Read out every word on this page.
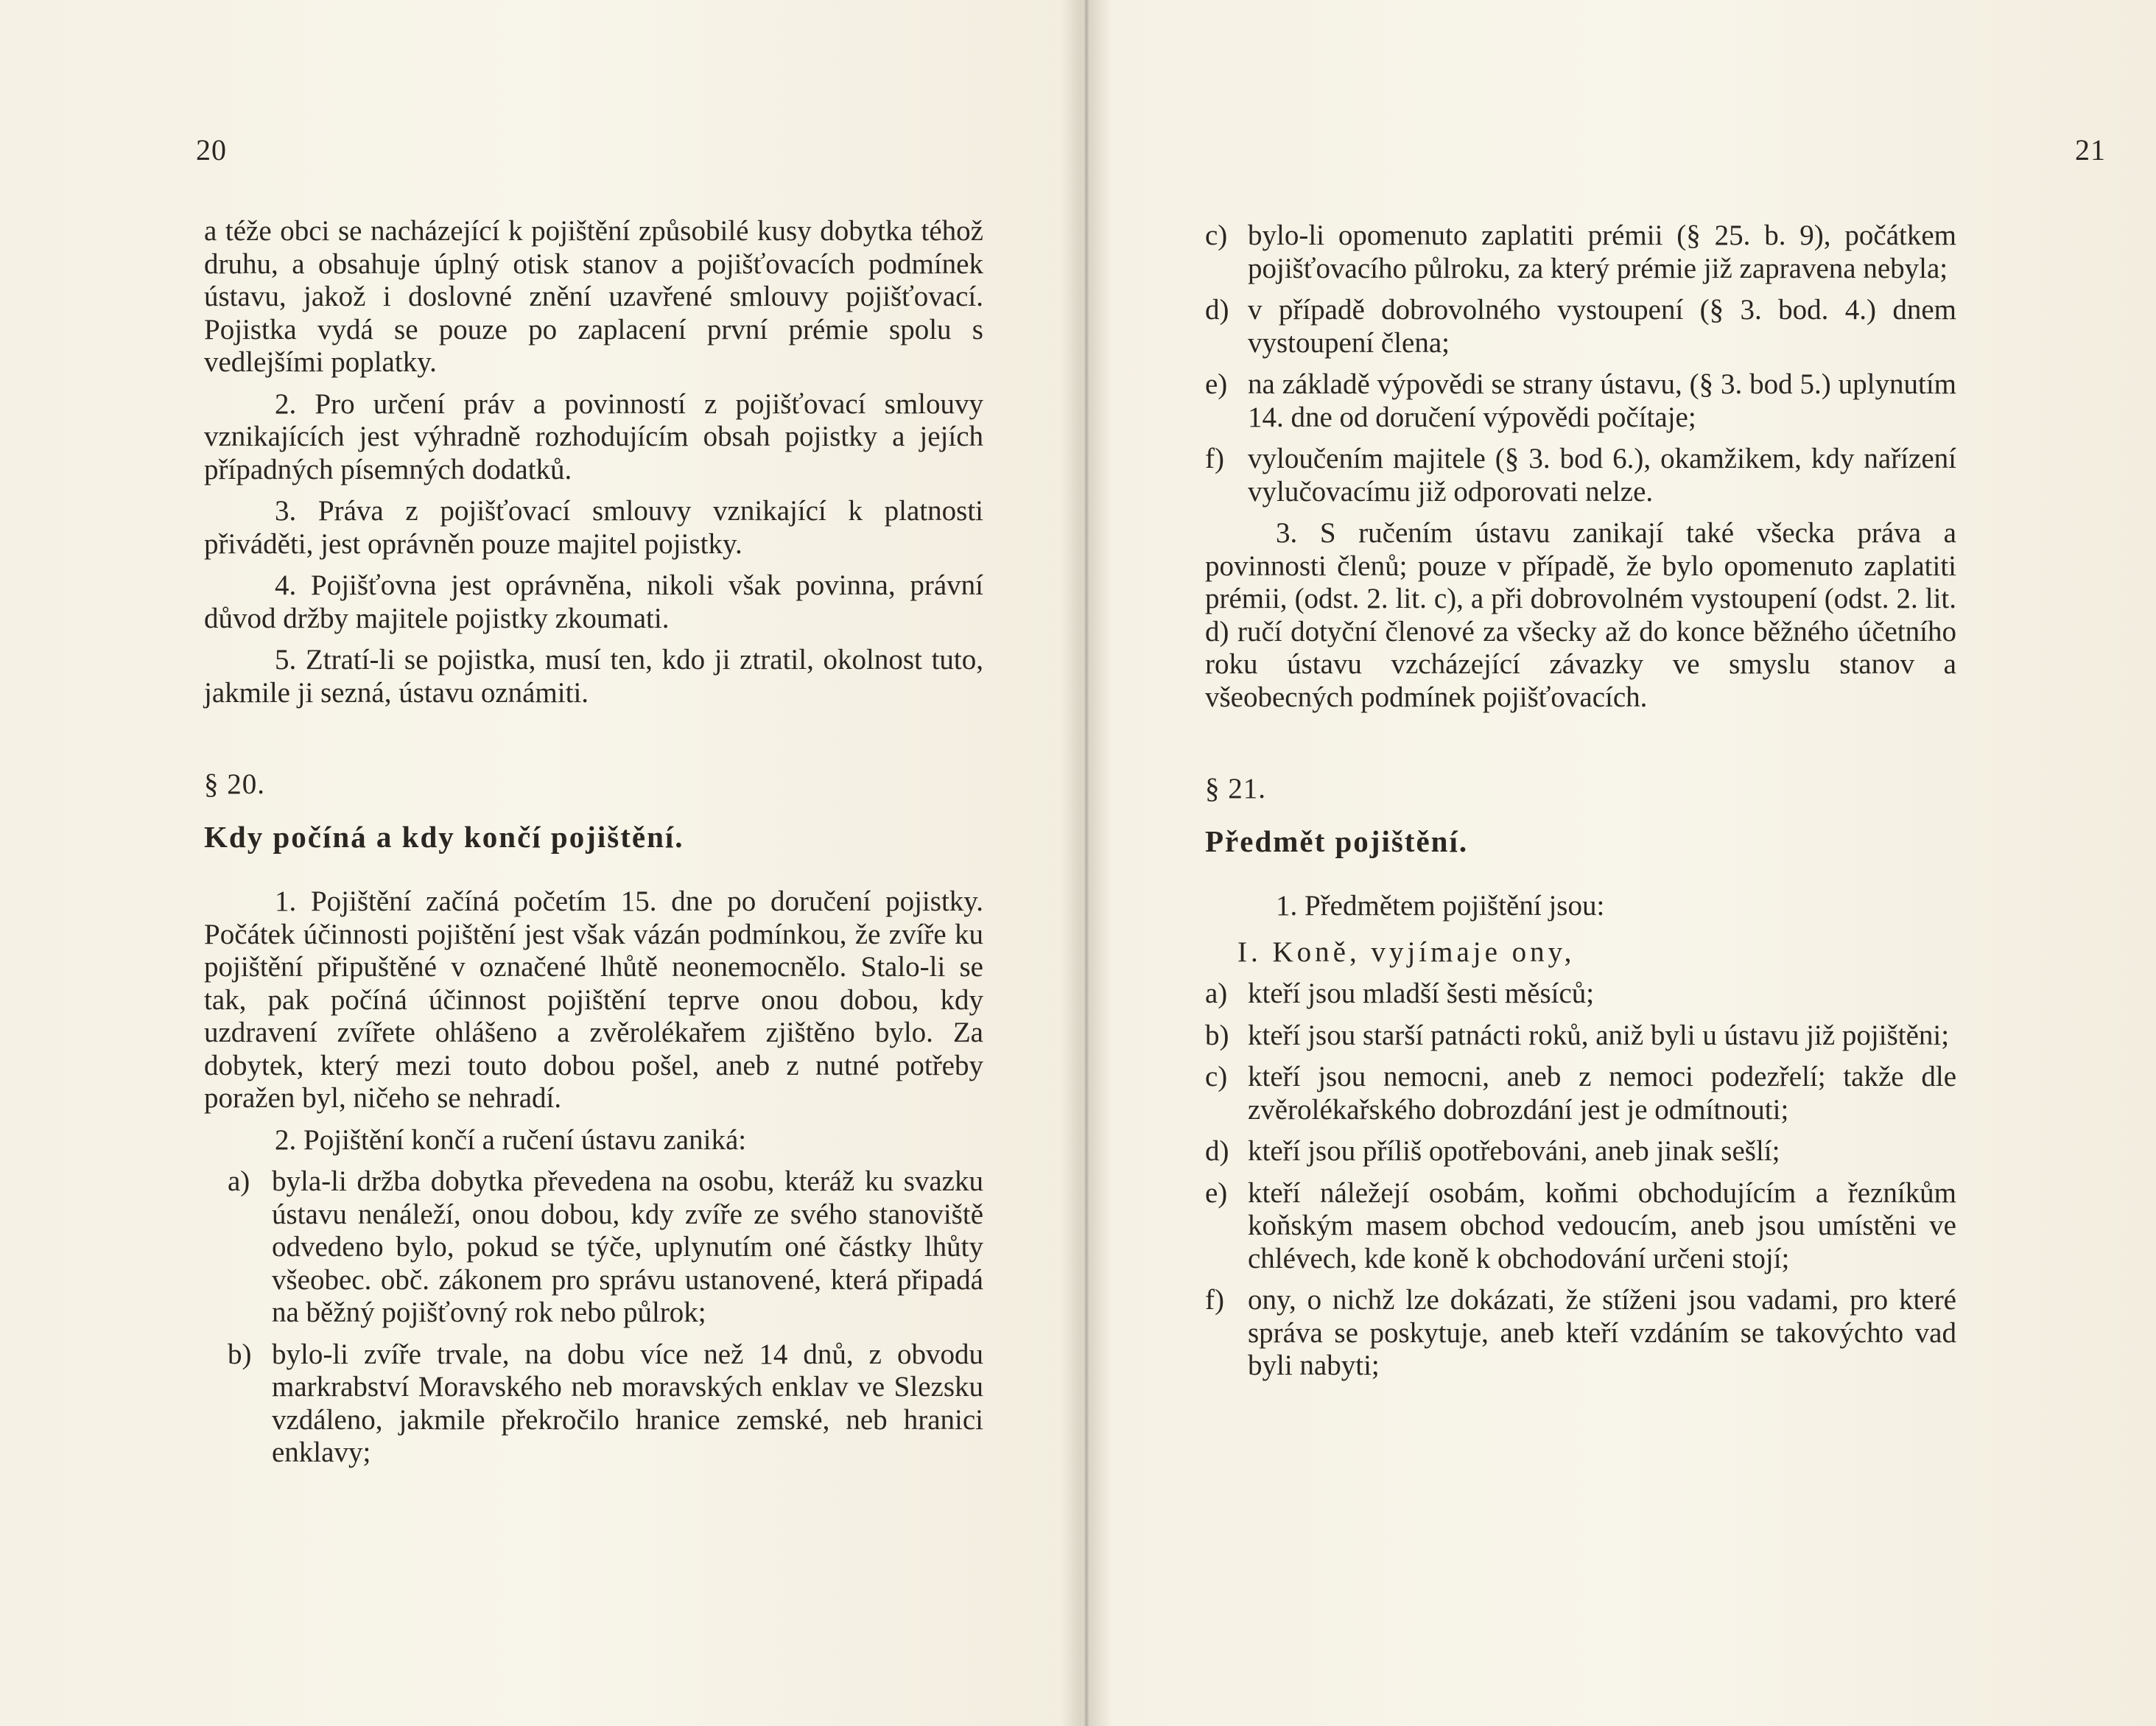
20

a téže obci se nacházející k pojištění způsobilé kusy dobytka téhož druhu, a obsahuje úplný otisk stanov a pojišťovacích podmínek ústavu, jakož i doslovné znění uzavřené smlouvy pojišťovací. Pojistka vydá se pouze po zaplacení první prémie spolu s vedlejšími poplatky.

2. Pro určení práv a povinností z pojišťovací smlouvy vznikajících jest výhradně rozhodujícím obsah pojistky a jejích případných písemných dodatků.

3. Práva z pojišťovací smlouvy vznikající k platnosti přiváděti, jest oprávněn pouze majitel pojistky.

4. Pojišťovna jest oprávněna, nikoli však povinna, právní důvod držby majitele pojistky zkoumati.

5. Ztratí-li se pojistka, musí ten, kdo ji ztratil, okolnost tuto, jakmile ji sezná, ústavu oznámiti.

§ 20.
Kdy počíná a kdy končí pojištění.

1. Pojištění začíná početím 15. dne po doručení pojistky. Počátek účinnosti pojištění jest však vázán podmínkou, že zvíře ku pojištění připuštěné v označené lhůtě neonemocnělo. Stalo-li se tak, pak počíná účinnost pojištění teprve onou dobou, kdy uzdravení zvířete ohlášeno a zvěrolékařem zjištěno bylo. Za dobytek, který mezi touto dobou pošel, aneb z nutné potřeby poražen byl, ničeho se nehradí.

2. Pojištění končí a ručení ústavu zaniká:

a) byla-li držba dobytka převedena na osobu, kteráž ku svazku ústavu nenáleží, onou dobou, kdy zvíře ze svého stanoviště odvedeno bylo, pokud se týče, uplynutím oné částky lhůty všeobec. obč. zákonem pro správu ustanovené, která připadá na běžný pojišťovný rok nebo půlrok;
b) bylo-li zvíře trvale, na dobu více než 14 dnů, z obvodu markrabství Moravského neb moravských enklav ve Slezsku vzdáleno, jakmile překročilo hranice zemské, neb hranici enklavy;
21
c) bylo-li opomenuto zaplatiti prémii (§ 25. b. 9), počátkem pojišťovacího půlroku, za který prémie již zapravena nebyla;
d) v případě dobrovolného vystoupení (§ 3. bod. 4.) dnem vystoupení člena;
e) na základě výpovědi se strany ústavu, (§ 3. bod 5.) uplynutím 14. dne od doručení výpovědi počítaje;
f) vyloučením majitele (§ 3. bod 6.), okamžikem, kdy nařízení vylučovacímu již odporovati nelze.

3. S ručením ústavu zanikají také všecka práva a povinnosti členů; pouze v případě, že bylo opomenuto zaplatiti prémii, (odst. 2. lit. c), a při dobrovolném vystoupení (odst. 2. lit. d) ručí dotyční členové za všecky až do konce běžného účetního roku ústavu vzcházející závazky ve smyslu stanov a všeobecných podmínek pojišťovacích.

§ 21.
Předmět pojištění.

1. Předmětem pojištění jsou:

I. Koně, vyjímaje ony,

a) kteří jsou mladší šesti měsíců;
b) kteří jsou starší patnácti roků, aniž byli u ústavu již pojištěni;
c) kteří jsou nemocni, aneb z nemoci podezřelí; takže dle zvěrolékařského dobrozdání jest je odmítnouti;
d) kteří jsou příliš opotřebováni, aneb jinak sešlí;
e) kteří náležejí osobám, koňmi obchodujícím a řezníkům koňským masem obchod vedoucím, aneb jsou umístěni ve chlévech, kde koně k obchodování určeni stojí;
f) ony, o nichž lze dokázati, že stíženi jsou vadami, pro které správa se poskytuje, aneb kteří vzdáním se takovýchto vad byli nabyti;
